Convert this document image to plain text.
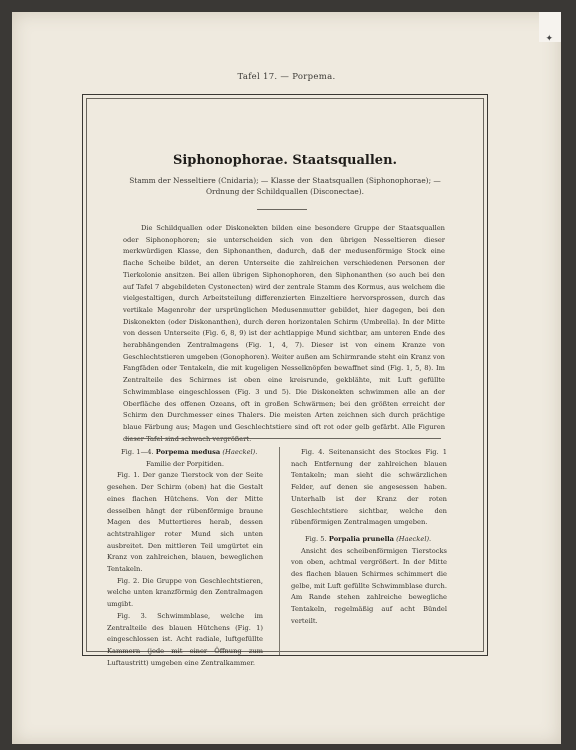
✦
Tafel 17. — Porpema.
Siphonophorae. Staatsquallen.
Stamm der Nesseltiere (Cnidaria); — Klasse der Staatsquallen (Siphonophorae); —
Ordnung der Schildquallen (Disconectae).

Die Schildquallen oder Diskonekten bilden eine besondere Gruppe der Staatsquallen oder Siphonophoren; sie unterscheiden sich von den übrigen Nesseltieren dieser merkwürdigen Klasse, den Siphonanthen, dadurch, daß der medusenförmige Stock eine flache Scheibe bildet, an deren Unterseite die zahlreichen verschiedenen Personen der Tierkolonie ansitzen. Bei allen übrigen Siphonophoren, den Siphonanthen (so auch bei den auf Tafel 7 abgebildeten Cystonecten) wird der zentrale Stamm des Kormus, aus welchem die vielgestaltigen, durch Arbeitsteilung differenzierten Einzeltiere hervorsprossen, durch das vertikale Magenrohr der ursprünglichen Medusenmutter gebildet, hier dagegen, bei den Diskonekten (oder Diskonanthen), durch deren horizontalen Schirm (Umbrella). In der Mitte von dessen Unterseite (Fig. 6, 8, 9) ist der achtlappige Mund sichtbar, am unteren Ende des herabhängenden Zentralmagens (Fig. 1, 4, 7). Dieser ist von einem Kranze von Geschlechtstieren umgeben (Gonophoren). Weiter außen am Schirmrande steht ein Kranz von Fangfäden oder Tentakeln, die mit kugeligen Nesselknöpfen bewaffnet sind (Fig. 1, 5, 8). Im Zentralteile des Schirmes ist oben eine kreisrunde, gekblähte, mit Luft gefüllte Schwimmblase eingeschlossen (Fig. 3 und 5). Die Diskonekten schwimmen alle an der Oberfläche des offenen Ozeans, oft in großen Schwärmen; bei den größten erreicht der Schirm den Durchmesser eines Thalers. Die meisten Arten zeichnen sich durch prächtige blaue Färbung aus; Magen und Geschlechtstiere sind oft rot oder gelb gefärbt. Alle Figuren dieser Tafel sind schwach vergrößert.

Fig. 1—4. Porpema medusa (Haeckel).

Familie der Porpitiden.

Fig. 1. Der ganze Tierstock von der Seite gesehen. Der Schirm (oben) hat die Gestalt eines flachen Hütchens. Von der Mitte desselben hängt der rübenförmige braune Magen des Muttertieres herab, dessen achtstrahliger roter Mund sich unten ausbreitet. Den mittleren Teil umgürtet ein Kranz von zahlreichen, blauen, beweglichen Tentakeln.

Fig. 2. Die Gruppe von Geschlechtstieren, welche unten kranzförmig den Zentralmagen umgibt.

Fig. 3. Schwimmblase, welche im Zentralteile des blauen Hütchens (Fig. 1) eingeschlossen ist. Acht radiale, luftgefüllte Kammern (jede mit einer Öffnung zum Luftaustritt) umgeben eine Zentralkammer.

Fig. 4. Seitenansicht des Stockes Fig. 1 nach Entfernung der zahlreichen blauen Tentakeln; man sieht die schwärzlichen Felder, auf denen sie angesessen haben. Unterhalb ist der Kranz der roten Geschlechtstiere sichtbar, welche den rübenförmigen Zentralmagen umgeben.

Fig. 5. Porpalia prunella (Haeckel).

Ansicht des scheibenförmigen Tierstocks von oben, achtmal vergrößert. In der Mitte des flachen blauen Schirmes schimmert die gelbe, mit Luft gefüllte Schwimmblase durch. Am Rande stehen zahlreiche bewegliche Tentakeln, regelmäßig auf acht Bündel verteilt.
